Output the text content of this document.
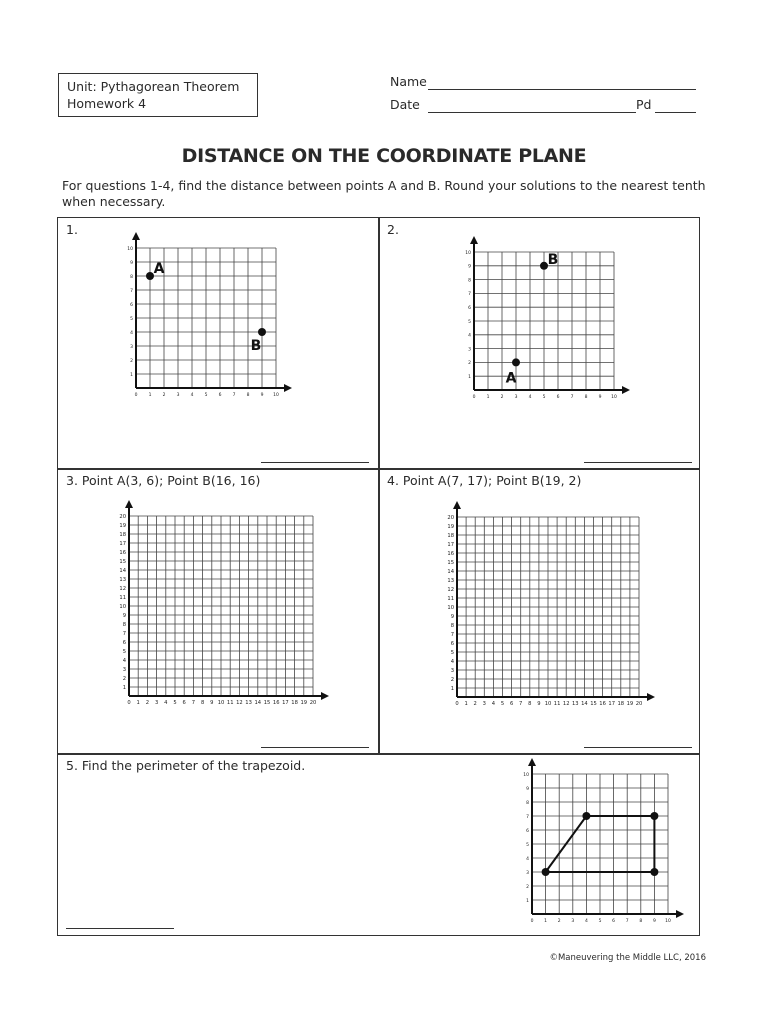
Unit: Pythagorean Theorem
Homework 4
Name
Date	Pd
DISTANCE ON THE COORDINATE PLANE
For questions 1-4, find the distance between points A and B. Round your solutions to the nearest tenth when necessary.
1.	2.
3. Point A(3, 6); Point B(16, 16)	4. Point A(7, 17); Point B(19, 2)
5. Find the perimeter of the trapezoid.
0 1
1
2
2
3
3
4
4
5
5
6
6
7
7
8
8
9
9
10
10
A
B
0 1
1
2
2
3
3
4
4
5
5
6
6
7
7
8
8
9
9
10
10
A
B
0 1
1
2
2
3
3
4
4
5
5
6
6
7
7
8
8
9
9
10
10
11
11
12
12
13
13
14
14
15
15
16
16
17
17
18
18
19
19
20
20
0 1
1
2
2
3
3
4
4
5
5
6
6
7
7
8
8
9
9
10
10
11
11
12
12
13
13
14
14
15
15
16
16
17
17
18
18
19
19
20
20
0 1
1
2
2
3
3
4
4
5
5
6
6
7
7
8
8
9
9
10
10
©Maneuvering the Middle LLC, 2016
